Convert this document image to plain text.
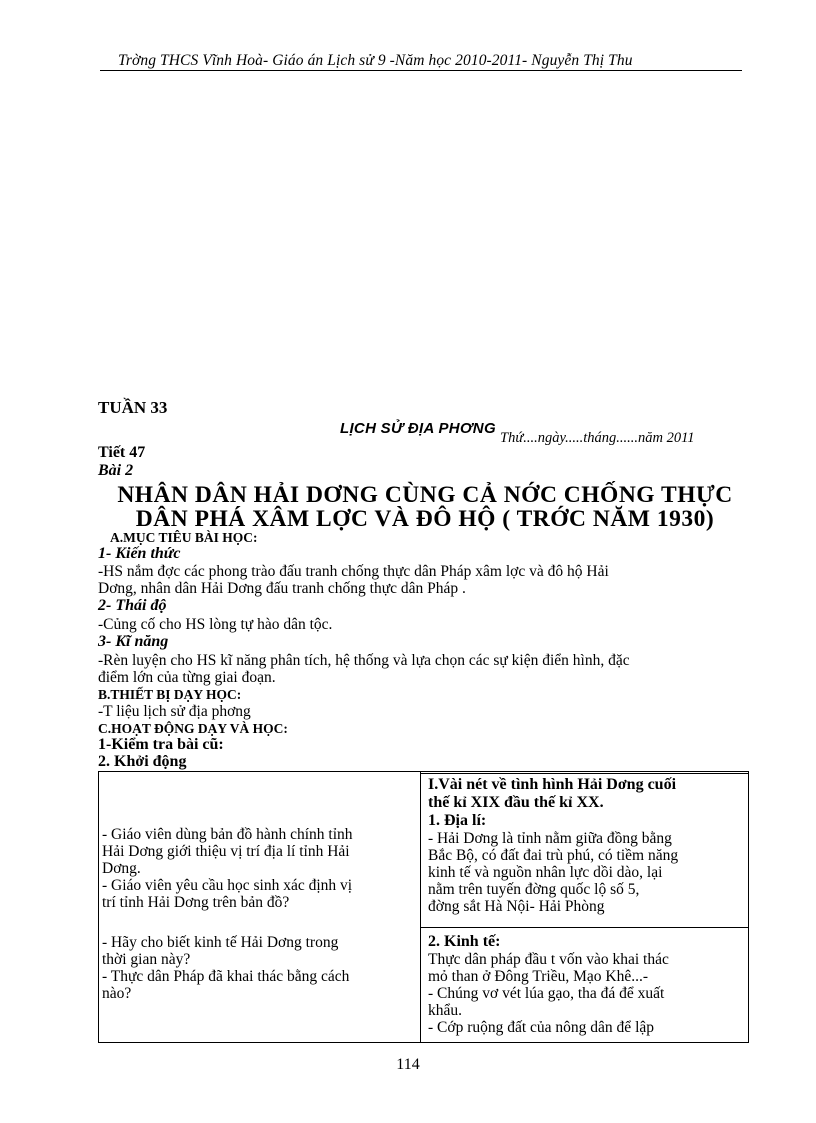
Trờng THCS Vĩnh Hoà- Giáo án Lịch sử 9 -Năm học 2010-2011- Nguyễn Thị Thu
TUẦN 33
LỊCH SỬ ĐỊA PHƠNG
Thứ....ngày.....tháng......năm 2011
Tiết 47
Bài 2
NHÂN DÂN HẢI DƠNG CÙNG CẢ NỚC CHỐNG THỰC
DÂN PHÁ XÂM LỢC VÀ ĐÔ HỘ ( TRỚC NĂM 1930)
A.MỤC TIÊU BÀI HỌC:
1- Kiến thức
-HS nắm đợc các phong trào đấu tranh chống thực dân Pháp xâm lợc và đô hộ Hải
Dơng, nhân dân Hải Dơng đấu tranh chống thực dân Pháp .
2- Thái độ
-Củng cố cho HS lòng tự hào dân tộc.
3- Kĩ năng
-Rèn luyện cho HS kĩ năng phân tích, hệ thống và lựa chọn các sự kiện điển hình, đặc
điểm lớn của từng giai đoạn.
B.THIẾT BỊ DẠY HỌC:
-T liệu lịch sử địa phơng
C.HOẠT ĐỘNG DẠY VÀ HỌC:
1-Kiểm tra bài cũ:
2. Khởi động
- Giáo viên dùng bản đồ hành chính tỉnh
Hải Dơng giới thiệu vị trí địa lí tỉnh Hải
Dơng.
- Giáo viên yêu cầu học sinh xác định vị
trí tỉnh Hải Dơng trên bản đồ?
- Hãy cho biết kinh tế Hải Dơng trong
thời gian này?
- Thực dân Pháp đã khai thác bằng cách
nào?
I.Vài nét về tình hình Hải Dơng cuối
thế kỉ XIX đầu thế kỉ XX.
1. Địa lí:
- Hải Dơng là tỉnh nằm giữa đồng bằng
Bắc Bộ, có đất đai trù phú, có tiềm năng
kinh tế và nguồn nhân lực dồi dào, lại
nằm trên tuyến đờng quốc lộ số 5,
đờng sắt Hà Nội- Hải Phòng
2. Kinh tế:
Thực dân pháp đầu t vốn vào khai thác
mỏ than ở Đông Triều, Mạo Khê...-
- Chúng vơ vét lúa gạo, tha đá để xuất
khẩu.
- Cớp ruộng đất của nông dân để lập
114
